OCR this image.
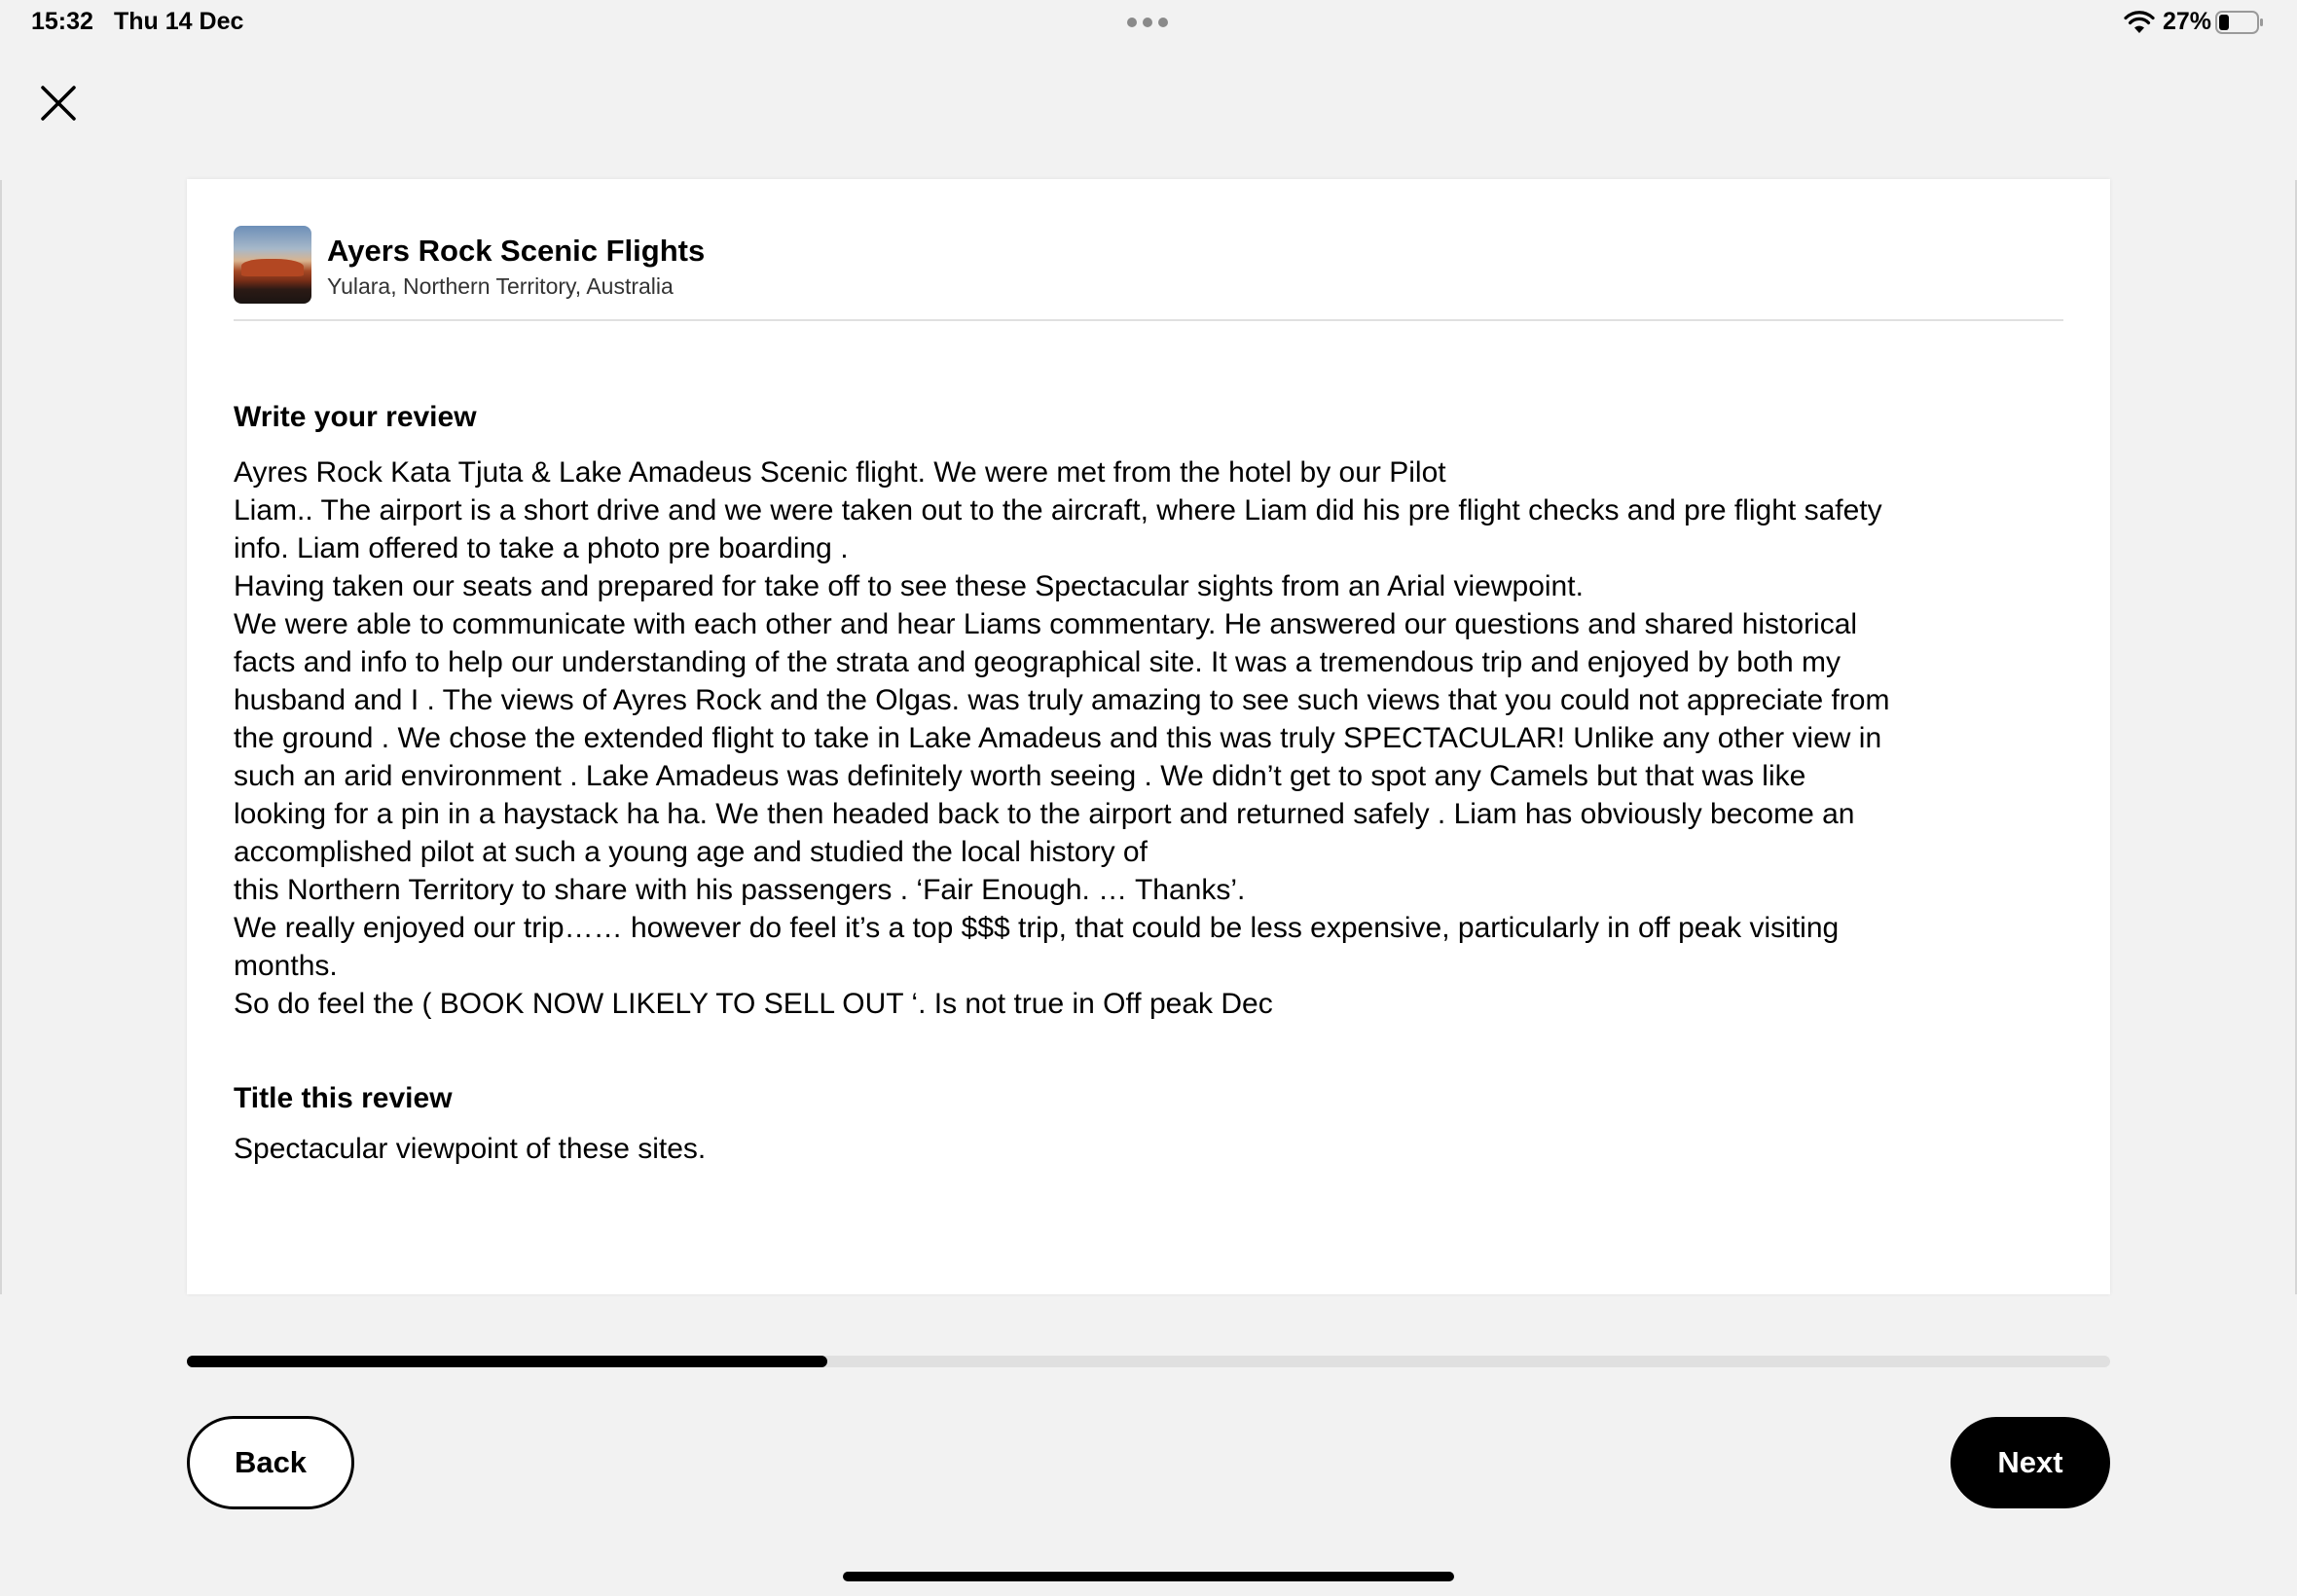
15:32 Thu 14 Dec	27%
Ayers Rock Scenic Flights
Yulara, Northern Territory, Australia
Write your review
Ayres Rock Kata Tjuta & Lake Amadeus Scenic flight. We were met from the hotel by our Pilot
Liam.. The airport is a short drive and we were taken out to the aircraft, where Liam did his pre flight checks and pre flight safety
info. Liam offered to take a photo pre boarding .
Having taken our seats and prepared for take off to see these Spectacular sights from an Arial viewpoint.
We were able to communicate with each other and hear Liams commentary. He answered our questions and shared historical
facts and info to help our understanding of the strata and geographical site. It was a tremendous trip and enjoyed by both my
husband and I . The views of Ayres Rock and the Olgas. was truly amazing to see such views that you could not appreciate from
the ground . We chose the extended flight to take in Lake Amadeus and this was truly SPECTACULAR! Unlike any other view in
such an arid environment . Lake Amadeus was definitely worth seeing . We didn’t get to spot any Camels but that was like
looking for a pin in a haystack ha ha. We then headed back to the airport and returned safely . Liam has obviously become an
accomplished pilot at such a young age and studied the local history of
this Northern Territory to share with his passengers . ‘Fair Enough. … Thanks’.
We really enjoyed our trip…… however do feel it’s a top $$$ trip, that could be less expensive, particularly in off peak visiting
months.
So do feel the ( BOOK NOW LIKELY TO SELL OUT ‘. Is not true in Off peak Dec
Title this review
Spectacular viewpoint of these sites.
Back	Next
